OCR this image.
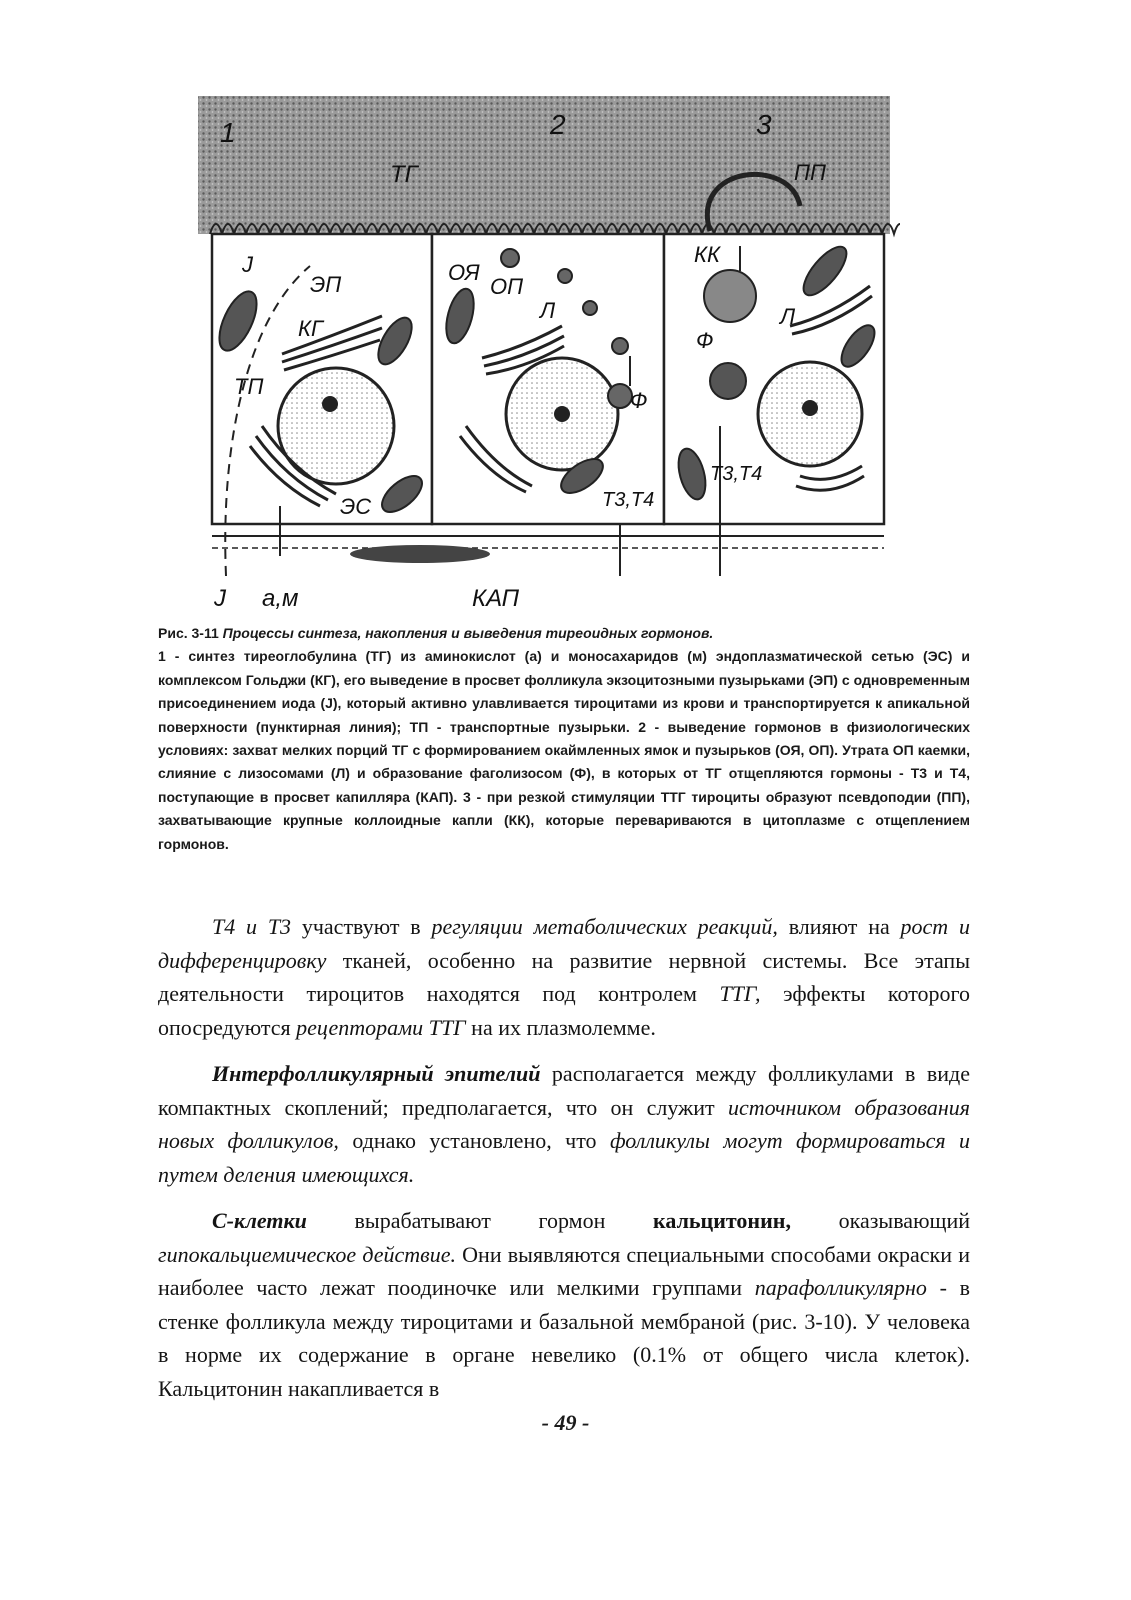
1	2	3
ТГ	ПП
J
ЭП
КГ
ТП
ЭС
ОЯ
ОП
Л
Ф
T3,T4
КК
Л
Ф
T3,T4
J а,м	КАП
Рис. 3-11 Процессы синтеза, накопления и выведения тиреоидных гормонов.
1 - синтез тиреоглобулина (ТГ) из аминокислот (а) и моносахаридов (м) эндоплазматической сетью (ЭС) и комплексом Гольджи (КГ), его выведение в просвет фолликула экзоцитозными пузырьками (ЭП) с одновременным присоединением иода (J), который активно улавливается тироцитами из крови и транспортируется к апикальной поверхности (пунктирная линия); ТП - транспортные пузырьки. 2 - выведение гормонов в физиологических условиях: захват мелких порций ТГ с формированием окаймленных ямок и пузырьков (ОЯ, ОП). Утрата ОП каемки, слияние с лизосомами (Л) и образование фаголизосом (Ф), в которых от ТГ отщепляются гормоны - Т3 и Т4, поступающие в просвет капилляра (КАП). 3 - при резкой стимуляции ТТГ тироциты образуют псевдоподии (ПП), захватывающие крупные коллоидные капли (КК), которые перевариваются в цитоплазме с отщеплением гормонов.

T4 и T3 участвуют в регуляции метаболических реакций, влияют на рост и дифференцировку тканей, особенно на развитие нервной системы. Все этапы деятельности тироцитов находятся под контролем ТТГ, эффекты которого опосредуются рецепторами ТТГ на их плазмолемме.

Интерфолликулярный эпителий располагается между фолликулами в виде компактных скоплений; предполагается, что он служит источником образования новых фолликулов, однако установлено, что фолликулы могут формироваться и путем деления имеющихся.

С-клетки вырабатывают гормон кальцитонин, оказывающий гипокальциемическое действие. Они выявляются специальными способами окраски и наиболее часто лежат поодиночке или мелкими группами парафолликулярно - в стенке фолликула между тироцитами и базальной мембраной (рис. 3-10). У человека в норме их содержание в органе невелико (0.1% от общего числа клеток). Кальцитонин накапливается в

- 49 -
